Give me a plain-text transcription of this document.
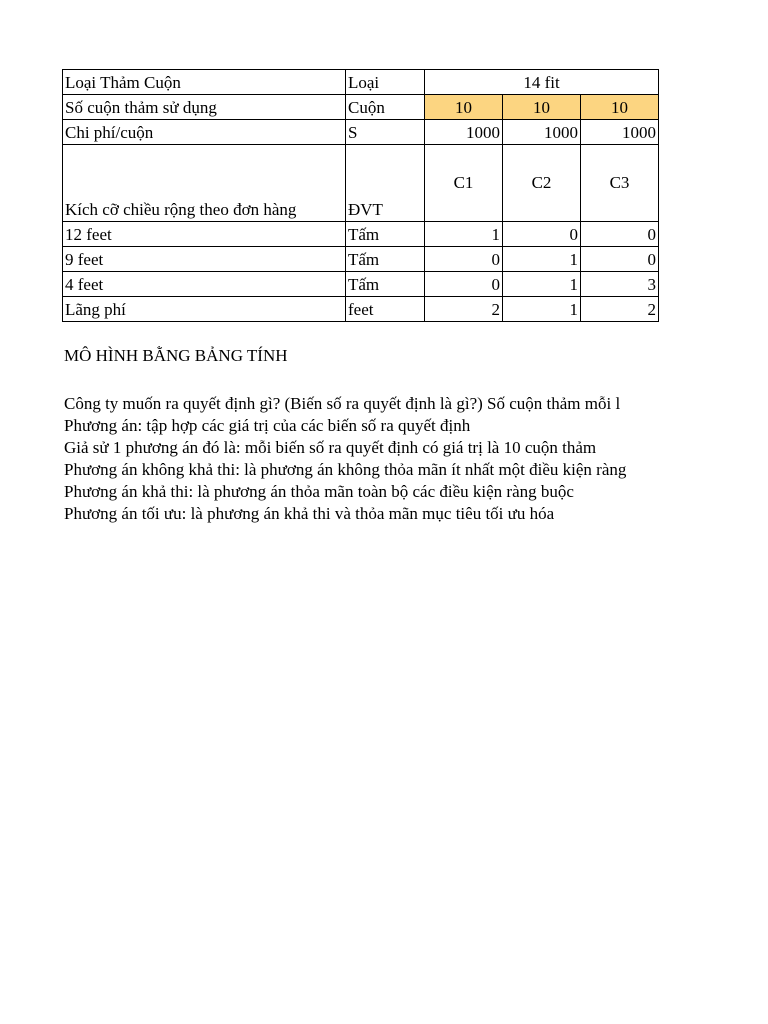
Loại Thảm Cuộn	Loại	14 fit		
Số cuộn thảm sử dụng	Cuộn	10	10	10
Chi phí/cuộn	S	1000	1000	1000
Kích cỡ chiều rộng theo đơn hàng	ĐVT	C1	C2	C3
12 feet	Tấm	1	0	0
9 feet	Tấm	0	1	0
4 feet	Tấm	0	1	3
Lãng phí	feet	2	1	2
MÔ HÌNH BẰNG BẢNG TÍNH
Công ty muốn ra quyết định gì? (Biến số ra quyết định là gì?) Số cuộn thảm mỗi l
Phương án: tập hợp các giá trị của các biến số ra quyết định
Giả sử 1 phương án đó là: mỗi biến số ra quyết định có giá trị là 10 cuộn thảm
Phương án không khả thi: là phương án không thỏa mãn ít nhất một điều kiện ràng
Phương án khả thi: là phương án thỏa mãn toàn bộ các điều kiện ràng buộc
Phương án tối ưu: là phương án khả thi và thỏa mãn mục tiêu tối ưu hóa
